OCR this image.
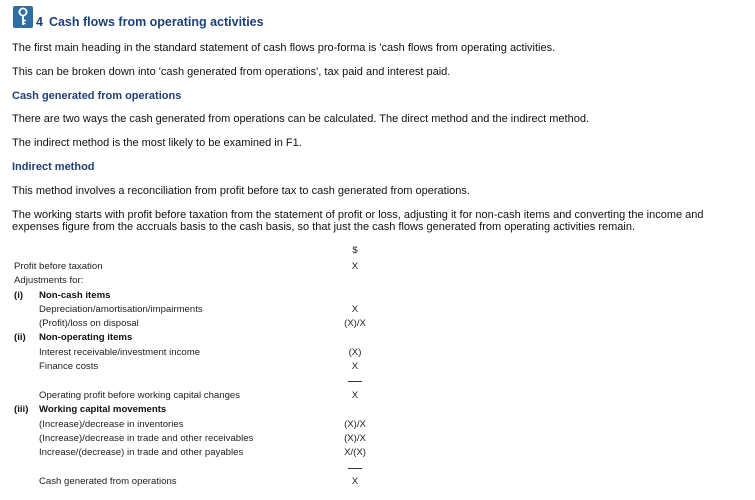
4 Cash flows from operating activities
The first main heading in the standard statement of cash flows pro-forma is 'cash flows from operating activities.
This can be broken down into 'cash generated from operations', tax paid and interest paid.
Cash generated from operations
There are two ways the cash generated from operations can be calculated. The direct method and the indirect method.
The indirect method is the most likely to be examined in F1.
Indirect method
This method involves a reconciliation from profit before tax to cash generated from operations.
The working starts with profit before taxation from the statement of profit or loss, adjusting it for non-cash items and converting the income and expenses figure from the accruals basis to the cash basis, so that just the cash flows generated from operating activities remain.
$
Profit before taxation	X
Adjustments for:
(i) Non-cash items
Depreciation/amortisation/impairments	X
(Profit)/loss on disposal	(X)/X
(ii) Non-operating items
Interest receivable/investment income	(X)
Finance costs	X
Operating profit before working capital changes	X
(iii) Working capital movements
(Increase)/decrease in inventories	(X)/X
(Increase)/decrease in trade and other receivables	(X)/X
Increase/(decrease) in trade and other payables	X/(X)
Cash generated from operations	X
